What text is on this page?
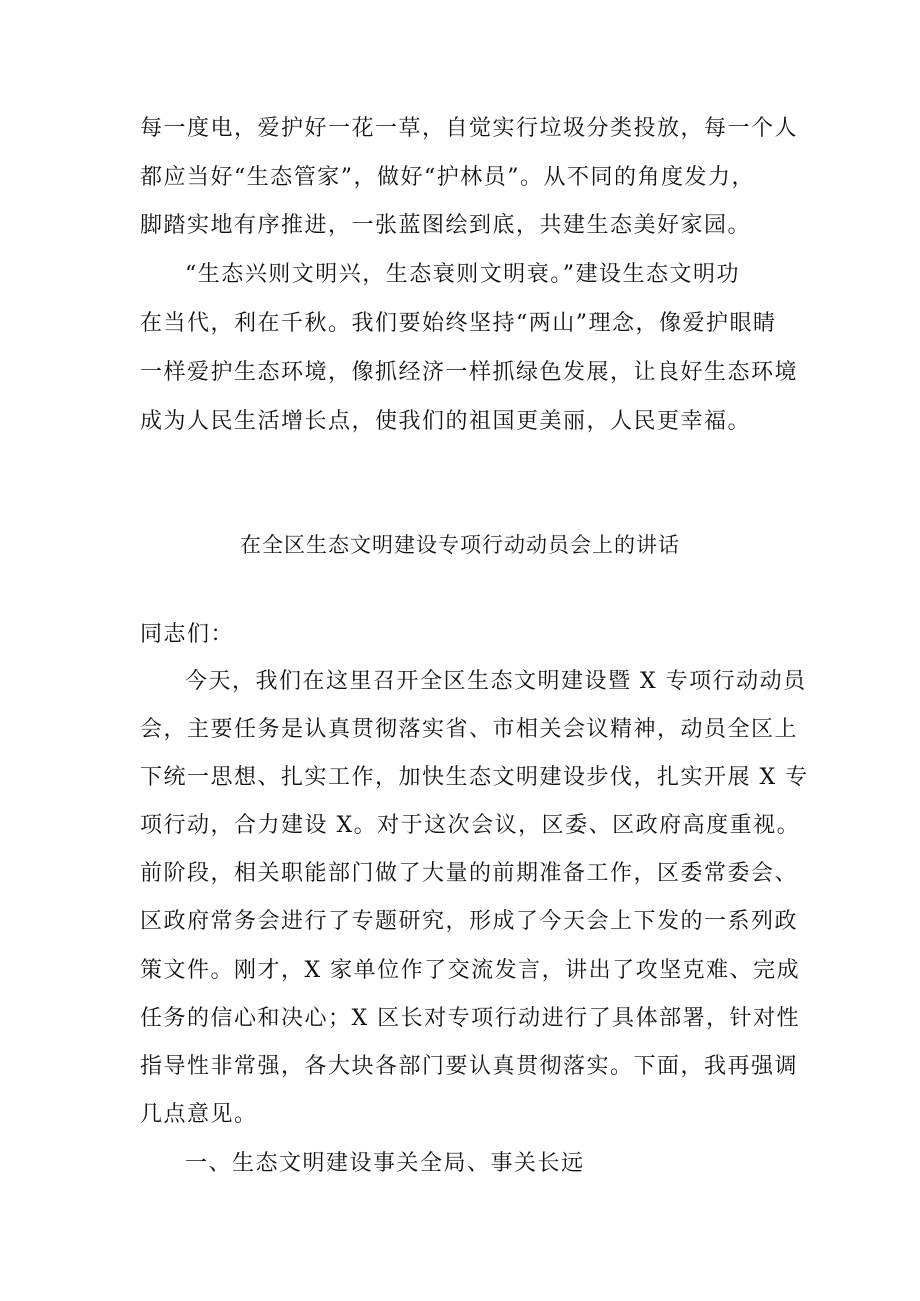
每一度电，爱护好一花一草，自觉实行垃圾分类投放，每一个人
都应当好“生态管家”，做好“护林员”。从不同的角度发力，
脚踏实地有序推进，一张蓝图绘到底，共建生态美好家园。
“生态兴则文明兴，生态衰则文明衰。”建设生态文明功
在当代，利在千秋。我们要始终坚持“两山”理念，像爱护眼睛
一样爱护生态环境，像抓经济一样抓绿色发展，让良好生态环境
成为人民生活增长点，使我们的祖国更美丽，人民更幸福。
在全区生态文明建设专项行动动员会上的讲话
同志们：
今天，我们在这里召开全区生态文明建设暨 X 专项行动动员
会，主要任务是认真贯彻落实省、市相关会议精神，动员全区上
下统一思想、扎实工作，加快生态文明建设步伐，扎实开展 X 专
项行动，合力建设 X。对于这次会议，区委、区政府高度重视。
前阶段，相关职能部门做了大量的前期准备工作，区委常委会、
区政府常务会进行了专题研究，形成了今天会上下发的一系列政
策文件。刚才，X 家单位作了交流发言，讲出了攻坚克难、完成
任务的信心和决心；X 区长对专项行动进行了具体部署，针对性
指导性非常强，各大块各部门要认真贯彻落实。下面，我再强调
几点意见。
一、生态文明建设事关全局、事关长远
